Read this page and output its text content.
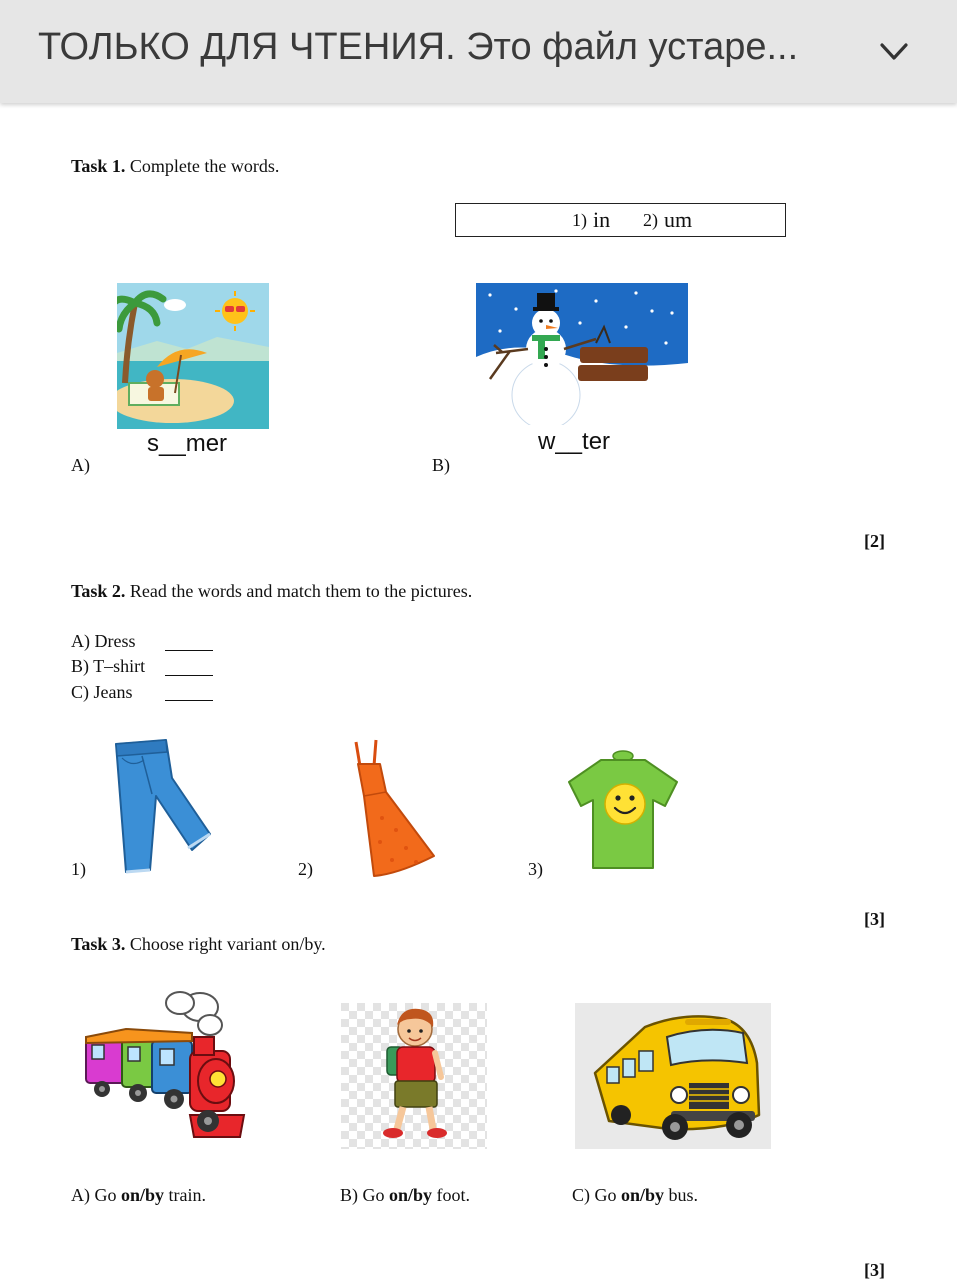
ТОЛЬКО ДЛЯ ЧТЕНИЯ. Это файл устаре...
Task 1. Complete the words.
1) in 2) um
s__mer
A)
w__ter
B)
[2]
Task 2. Read the words and match them to the pictures.
A) Dress
B) T–shirt
C) Jeans
1)	2)	3)
[3]
Task 3. Choose right variant on/by.
A) Go on/by train.	B) Go on/by foot.	C) Go on/by bus.
[3]
